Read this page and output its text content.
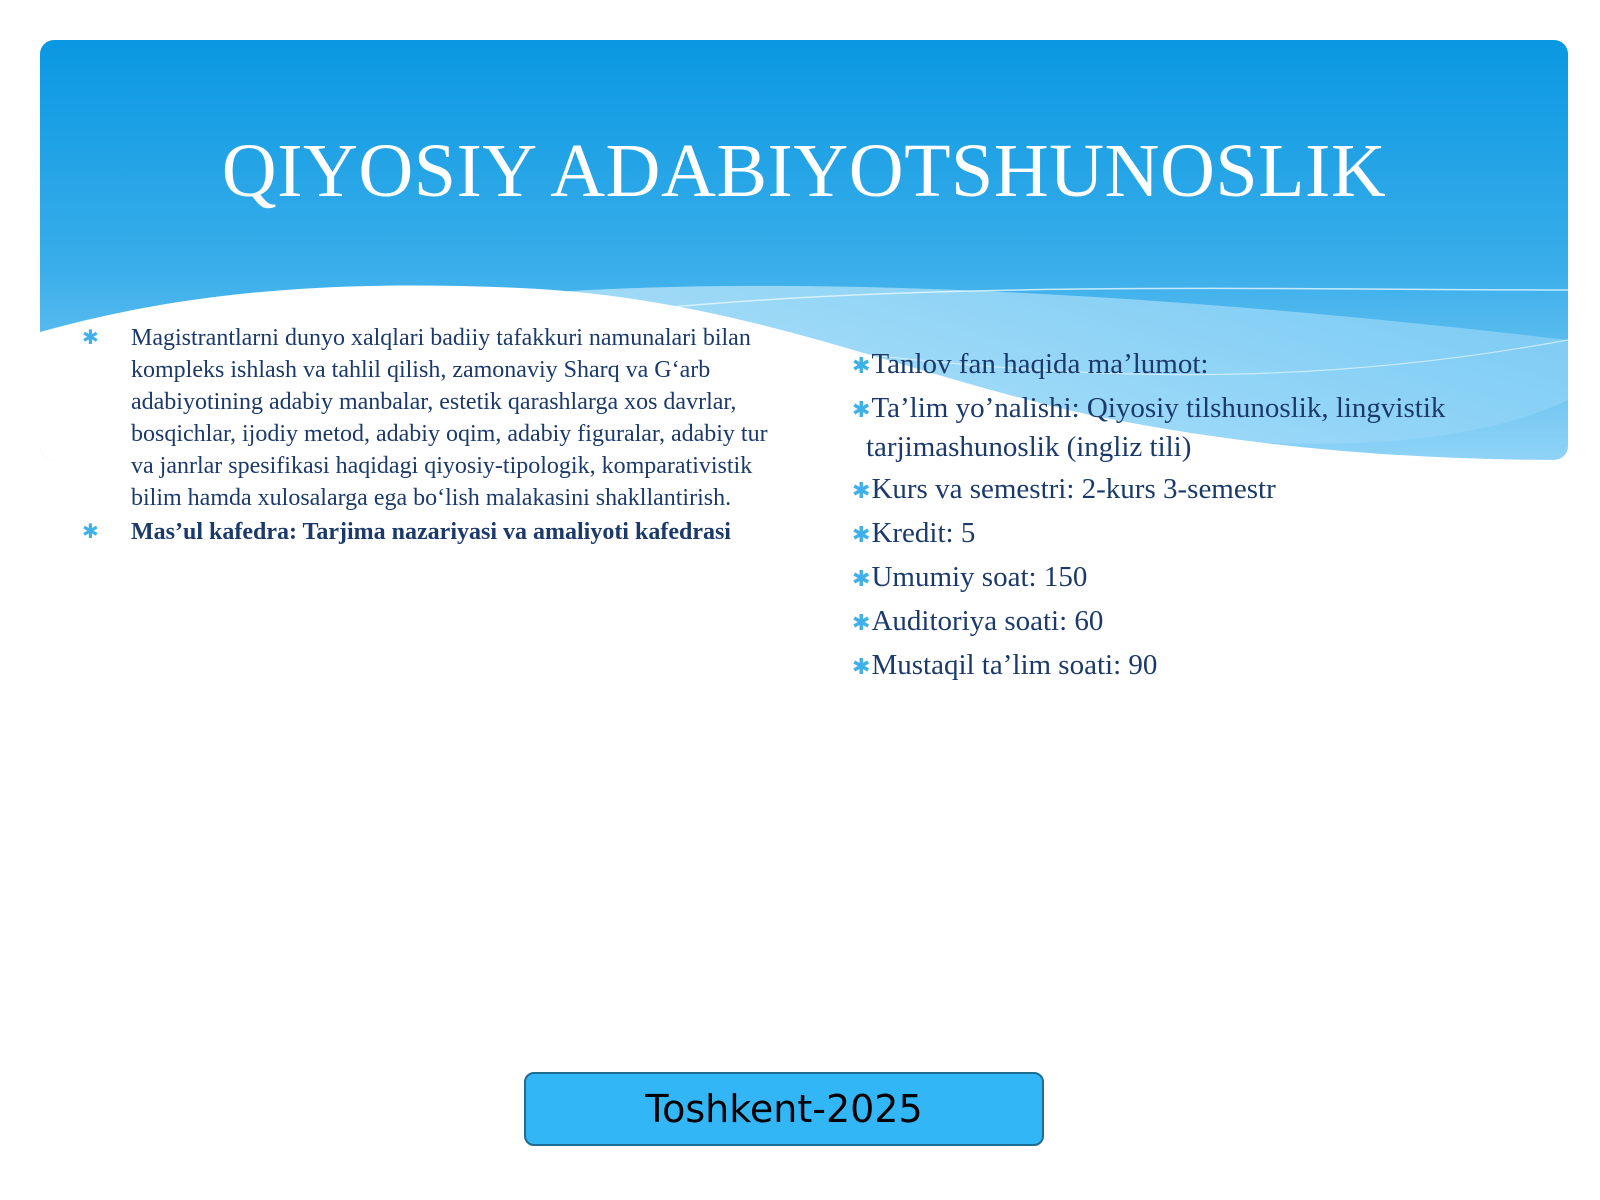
QIYOSIY ADABIYOTSHUNOSLIK
✱ Magistrantlarni dunyo xalqlari badiiy tafakkuri namunalari bilan kompleks ishlash va tahlil qilish, zamonaviy Sharq va G‘arb adabiyotining adabiy manbalar, estetik qarashlarga xos davrlar, bosqichlar, ijodiy metod, adabiy oqim, adabiy figuralar, adabiy tur va janrlar spesifikasi haqidagi qiyosiy-tipologik, komparativistik bilim hamda xulosalarga ega bo‘lish malakasini shakllantirish.
✱ Mas’ul kafedra: Tarjima nazariyasi va amaliyoti kafedrasi
✱Tanlov fan haqida ma’lumot:
✱Ta’lim yo’nalishi: Qiyosiy tilshunoslik, lingvistik tarjimashunoslik (ingliz tili)
✱Kurs va semestri: 2-kurs 3-semestr
✱Kredit: 5
✱Umumiy soat: 150
✱Auditoriya soati: 60
✱Mustaqil ta’lim soati: 90
Toshkent-2025
